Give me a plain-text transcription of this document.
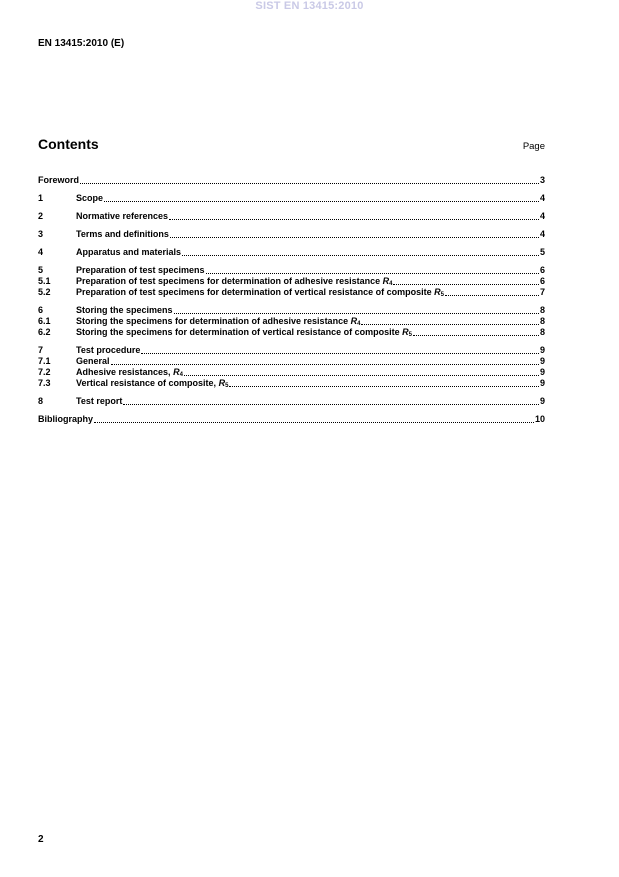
SIST EN 13415:2010
EN 13415:2010 (E)
Contents	Page
Foreword	3
1	Scope	4
2	Normative references	4
3	Terms and definitions	4
4	Apparatus and materials	5
5	Preparation of test specimens	6
5.1	Preparation of test specimens for determination of adhesive resistance $R_4$	6
5.2	Preparation of test specimens for determination of vertical resistance of composite $R_5$	7
6	Storing the specimens	8
6.1	Storing the specimens for determination of adhesive resistance $R_4$	8
6.2	Storing the specimens for determination of vertical resistance of composite $R_5$	8
7	Test procedure	9
7.1	General	9
7.2	Adhesive resistances, $R_4$	9
7.3	Vertical resistance of composite, $R_5$	9
8	Test report	9
Bibliography	10
2
